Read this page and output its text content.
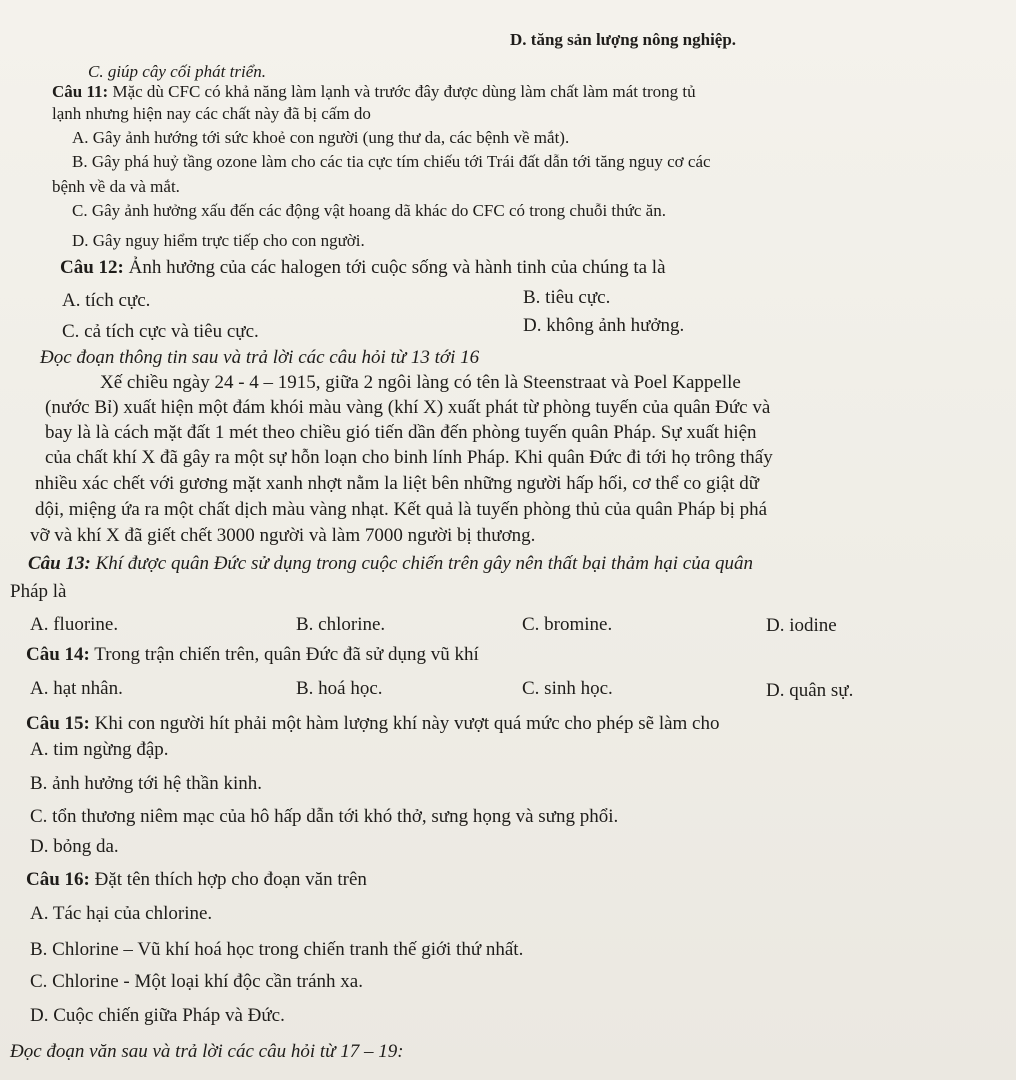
C. giúp cây cối phát triển.
D. tăng sản lượng nông nghiệp.
Câu 11: Mặc dù CFC có khả năng làm lạnh và trước đây được dùng làm chất làm mát trong tủ
lạnh nhưng hiện nay các chất này đã bị cấm do
A. Gây ảnh hướng tới sức khoẻ con người (ung thư da, các bệnh về mắt).
B. Gây phá huỷ tầng ozone làm cho các tia cực tím chiếu tới Trái đất dẫn tới tăng nguy cơ các
bệnh về da và mắt.
C. Gây ảnh hưởng xấu đến các động vật hoang dã khác do CFC có trong chuỗi thức ăn.
D. Gây nguy hiểm trực tiếp cho con người.
Câu 12: Ảnh hưởng của các halogen tới cuộc sống và hành tinh của chúng ta là
A. tích cực.	B. tiêu cực.
C. cả tích cực và tiêu cực.	D. không ảnh hưởng.
Đọc đoạn thông tin sau và trả lời các câu hỏi từ 13 tới 16
Xế chiều ngày 24 - 4 – 1915, giữa 2 ngôi làng có tên là Steenstraat và Poel Kappelle
(nước Bỉ) xuất hiện một đám khói màu vàng (khí X) xuất phát từ phòng tuyến của quân Đức và
bay là là cách mặt đất 1 mét theo chiều gió tiến dần đến phòng tuyến quân Pháp. Sự xuất hiện
của chất khí X đã gây ra một sự hỗn loạn cho binh lính Pháp. Khi quân Đức đi tới họ trông thấy
nhiều xác chết với gương mặt xanh nhợt nằm la liệt bên những người hấp hối, cơ thể co giật dữ
dội, miệng ứa ra một chất dịch màu vàng nhạt. Kết quả là tuyến phòng thủ của quân Pháp bị phá
vỡ và khí X đã giết chết 3000 người và làm 7000 người bị thương.
Câu 13: Khí được quân Đức sử dụng trong cuộc chiến trên gây nên thất bại thảm hại của quân
Pháp là
A. fluorine.	B. chlorine.	C. bromine.	D. iodine
Câu 14: Trong trận chiến trên, quân Đức đã sử dụng vũ khí
A. hạt nhân.	B. hoá học.	C. sinh học.	D. quân sự.
Câu 15: Khi con người hít phải một hàm lượng khí này vượt quá mức cho phép sẽ làm cho
A. tim ngừng đập.
B. ảnh hưởng tới hệ thần kinh.
C. tổn thương niêm mạc của hô hấp dẫn tới khó thở, sưng họng và sưng phổi.
D. bỏng da.
Câu 16: Đặt tên thích hợp cho đoạn văn trên
A. Tác hại của chlorine.
B. Chlorine – Vũ khí hoá học trong chiến tranh thế giới thứ nhất.
C. Chlorine - Một loại khí độc cần tránh xa.
D. Cuộc chiến giữa Pháp và Đức.
Đọc đoạn văn sau và trả lời các câu hỏi từ 17 – 19:
